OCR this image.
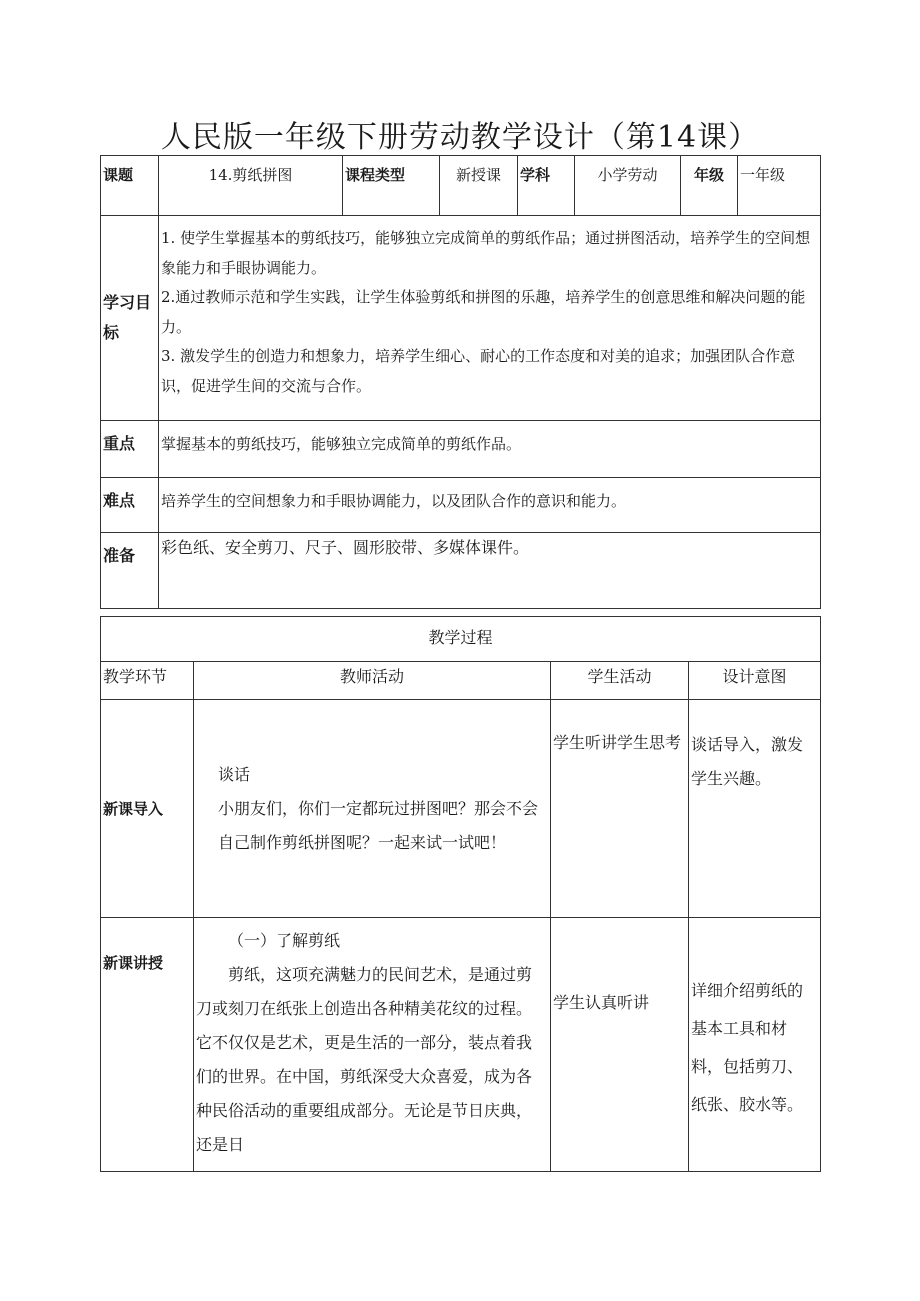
人民版一年级下册劳动教学设计（第14课）
课题	14.剪纸拼图	课程类型	新授课	学科	小学劳动	年级	一年级
学习目标	1. 使学生掌握基本的剪纸技巧，能够独立完成简单的剪纸作品；通过拼图活动，培养学生的空间想象能力和手眼协调能力。

2.通过教师示范和学生实践，让学生体验剪纸和拼图的乐趣，培养学生的创意思维和解决问题的能力。

3. 激发学生的创造力和想象力，培养学生细心、耐心的工作态度和对美的追求；加强团队合作意识，促进学生间的交流与合作。						

重点	掌握基本的剪纸技巧，能够独立完成简单的剪纸作品。						
难点	培养学生的空间想象力和手眼协调能力，以及团队合作的意识和能力。						
准备	彩色纸、安全剪刀、尺子、圆形胶带、多媒体课件。						
教学过程			
教学环节	教师活动	学生活动	设计意图
新课导入	谈话

小朋友们，你们一定都玩过拼图吧？那会不会自己制作剪纸拼图呢？一起来试一试吧！	学生听讲学生思考	谈话导入，激发学生兴趣。
新课讲授	（一）了解剪纸

剪纸，这项充满魅力的民间艺术，是通过剪刀或刻刀在纸张上创造出各种精美花纹的过程。它不仅仅是艺术，更是生活的一部分，装点着我们的世界。在中国，剪纸深受大众喜爱，成为各种民俗活动的重要组成部分。无论是节日庆典，还是日	学生认真听讲	详细介绍剪纸的基本工具和材料，包括剪刀、纸张、胶水等。
